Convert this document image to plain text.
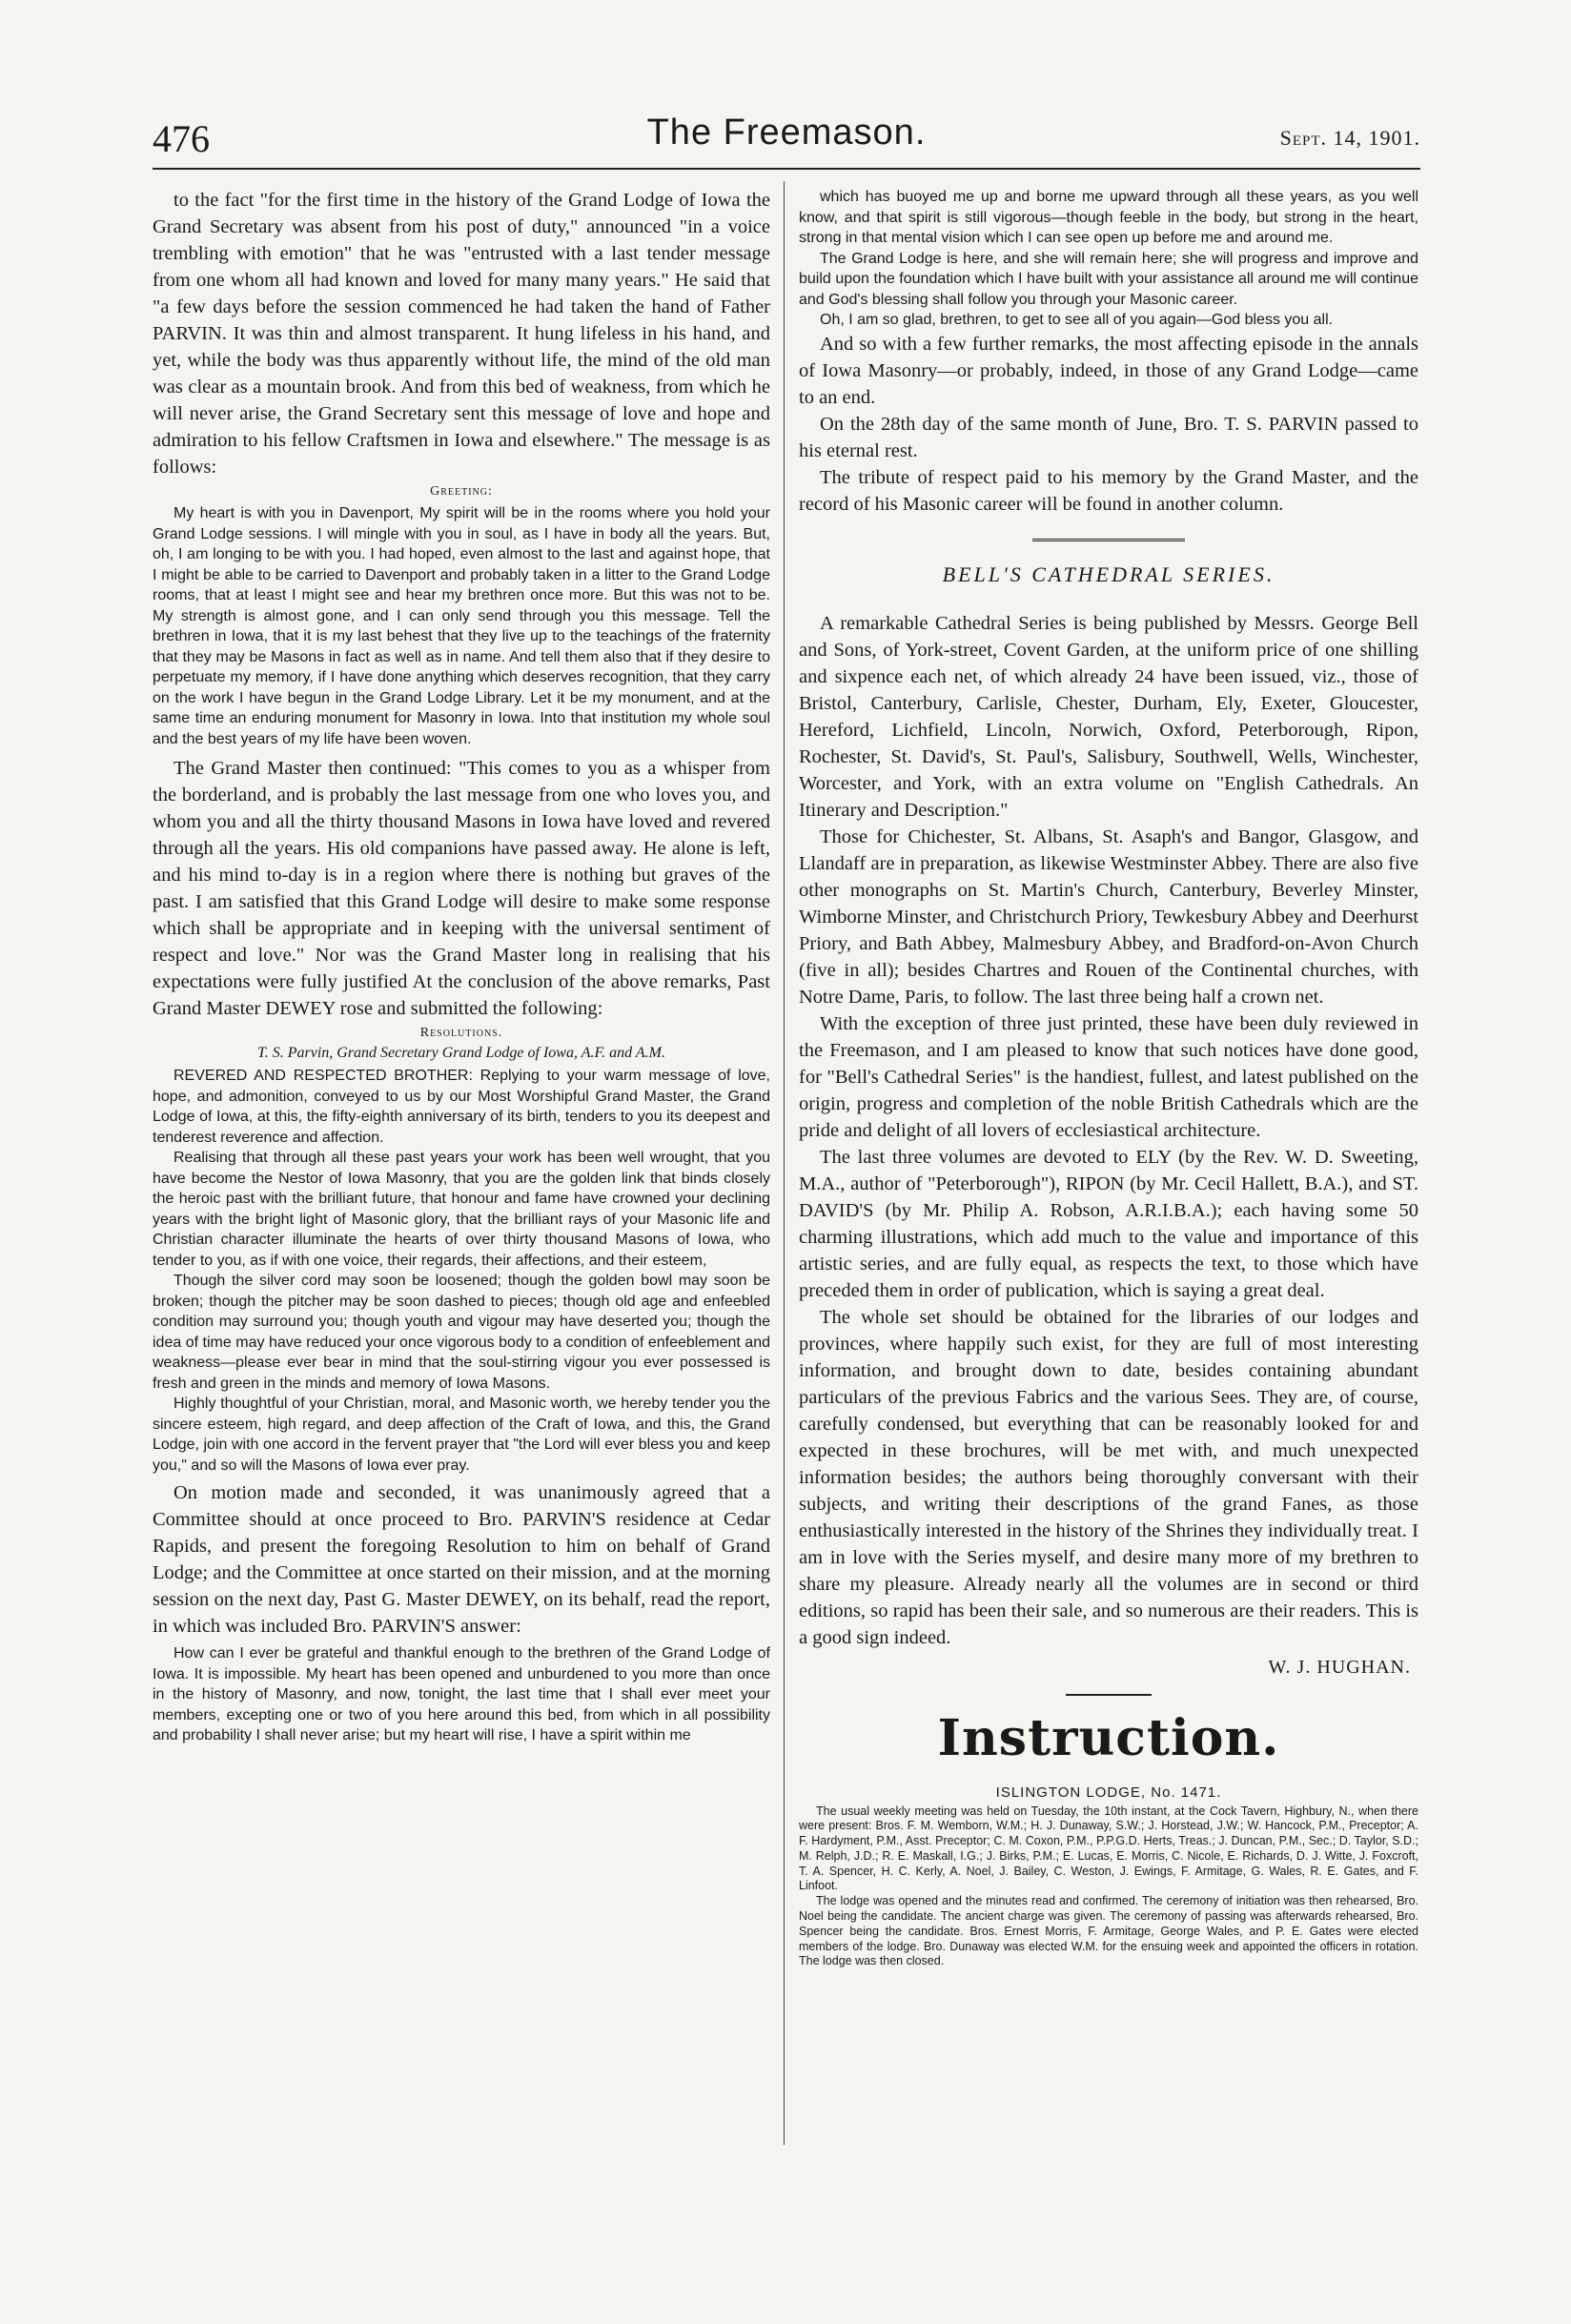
476	The Freemason.	Sept. 14, 1901.

to the fact "for the first time in the history of the Grand Lodge of Iowa the Grand Secretary was absent from his post of duty," announced "in a voice trembling with emotion" that he was "entrusted with a last tender message from one whom all had known and loved for many many years." He said that "a few days before the session commenced he had taken the hand of Father PARVIN. It was thin and almost transparent. It hung lifeless in his hand, and yet, while the body was thus apparently without life, the mind of the old man was clear as a mountain brook. And from this bed of weakness, from which he will never arise, the Grand Secretary sent this message of love and hope and admiration to his fellow Craftsmen in Iowa and elsewhere." The message is as follows:

Greeting:

My heart is with you in Davenport, My spirit will be in the rooms where you hold your Grand Lodge sessions. I will mingle with you in soul, as I have in body all the years. But, oh, I am longing to be with you. I had hoped, even almost to the last and against hope, that I might be able to be carried to Davenport and probably taken in a litter to the Grand Lodge rooms, that at least I might see and hear my brethren once more. But this was not to be. My strength is almost gone, and I can only send through you this message. Tell the brethren in Iowa, that it is my last behest that they live up to the teachings of the fraternity that they may be Masons in fact as well as in name. And tell them also that if they desire to perpetuate my memory, if I have done anything which deserves recognition, that they carry on the work I have begun in the Grand Lodge Library. Let it be my monument, and at the same time an enduring monument for Masonry in Iowa. Into that institution my whole soul and the best years of my life have been woven.

The Grand Master then continued: "This comes to you as a whisper from the borderland, and is probably the last message from one who loves you, and whom you and all the thirty thousand Masons in Iowa have loved and revered through all the years. His old companions have passed away. He alone is left, and his mind to-day is in a region where there is nothing but graves of the past. I am satisfied that this Grand Lodge will desire to make some response which shall be appropriate and in keeping with the universal sentiment of respect and love." Nor was the Grand Master long in realising that his expectations were fully justified At the conclusion of the above remarks, Past Grand Master DEWEY rose and submitted the following:

Resolutions.
T. S. Parvin, Grand Secretary Grand Lodge of Iowa, A.F. and A.M.

REVERED AND RESPECTED BROTHER: Replying to your warm message of love, hope, and admonition, conveyed to us by our Most Worshipful Grand Master, the Grand Lodge of Iowa, at this, the fifty-eighth anniversary of its birth, tenders to you its deepest and tenderest reverence and affection.

Realising that through all these past years your work has been well wrought, that you have become the Nestor of Iowa Masonry, that you are the golden link that binds closely the heroic past with the brilliant future, that honour and fame have crowned your declining years with the bright light of Masonic glory, that the brilliant rays of your Masonic life and Christian character illuminate the hearts of over thirty thousand Masons of Iowa, who tender to you, as if with one voice, their regards, their affections, and their esteem,

Though the silver cord may soon be loosened; though the golden bowl may soon be broken; though the pitcher may be soon dashed to pieces; though old age and enfeebled condition may surround you; though youth and vigour may have deserted you; though the idea of time may have reduced your once vigorous body to a condition of enfeeblement and weakness—please ever bear in mind that the soul-stirring vigour you ever possessed is fresh and green in the minds and memory of Iowa Masons.

Highly thoughtful of your Christian, moral, and Masonic worth, we hereby tender you the sincere esteem, high regard, and deep affection of the Craft of Iowa, and this, the Grand Lodge, join with one accord in the fervent prayer that "the Lord will ever bless you and keep you," and so will the Masons of Iowa ever pray.

On motion made and seconded, it was unanimously agreed that a Committee should at once proceed to Bro. PARVIN'S residence at Cedar Rapids, and present the foregoing Resolution to him on behalf of Grand Lodge; and the Committee at once started on their mission, and at the morning session on the next day, Past G. Master DEWEY, on its behalf, read the report, in which was included Bro. PARVIN'S answer:

How can I ever be grateful and thankful enough to the brethren of the Grand Lodge of Iowa. It is impossible. My heart has been opened and unburdened to you more than once in the history of Masonry, and now, tonight, the last time that I shall ever meet your members, excepting one or two of you here around this bed, from which in all possibility and probability I shall never arise; but my heart will rise, I have a spirit within me

which has buoyed me up and borne me upward through all these years, as you well know, and that spirit is still vigorous—though feeble in the body, but strong in the heart, strong in that mental vision which I can see open up before me and around me.

The Grand Lodge is here, and she will remain here; she will progress and improve and build upon the foundation which I have built with your assistance all around me will continue and God's blessing shall follow you through your Masonic career.

Oh, I am so glad, brethren, to get to see all of you again—God bless you all.

And so with a few further remarks, the most affecting episode in the annals of Iowa Masonry—or probably, indeed, in those of any Grand Lodge—came to an end.

On the 28th day of the same month of June, Bro. T. S. PARVIN passed to his eternal rest.

The tribute of respect paid to his memory by the Grand Master, and the record of his Masonic career will be found in another column.

BELL'S CATHEDRAL SERIES.

A remarkable Cathedral Series is being published by Messrs. George Bell and Sons, of York-street, Covent Garden, at the uniform price of one shilling and sixpence each net, of which already 24 have been issued, viz., those of Bristol, Canterbury, Carlisle, Chester, Durham, Ely, Exeter, Gloucester, Hereford, Lichfield, Lincoln, Norwich, Oxford, Peterborough, Ripon, Rochester, St. David's, St. Paul's, Salisbury, Southwell, Wells, Winchester, Worcester, and York, with an extra volume on "English Cathedrals. An Itinerary and Description."

Those for Chichester, St. Albans, St. Asaph's and Bangor, Glasgow, and Llandaff are in preparation, as likewise Westminster Abbey. There are also five other monographs on St. Martin's Church, Canterbury, Beverley Minster, Wimborne Minster, and Christchurch Priory, Tewkesbury Abbey and Deerhurst Priory, and Bath Abbey, Malmesbury Abbey, and Bradford-on-Avon Church (five in all); besides Chartres and Rouen of the Continental churches, with Notre Dame, Paris, to follow. The last three being half a crown net.

With the exception of three just printed, these have been duly reviewed in the Freemason, and I am pleased to know that such notices have done good, for "Bell's Cathedral Series" is the handiest, fullest, and latest published on the origin, progress and completion of the noble British Cathedrals which are the pride and delight of all lovers of ecclesiastical architecture.

The last three volumes are devoted to ELY (by the Rev. W. D. Sweeting, M.A., author of "Peterborough"), RIPON (by Mr. Cecil Hallett, B.A.), and ST. DAVID'S (by Mr. Philip A. Robson, A.R.I.B.A.); each having some 50 charming illustrations, which add much to the value and importance of this artistic series, and are fully equal, as respects the text, to those which have preceded them in order of publication, which is saying a great deal.

The whole set should be obtained for the libraries of our lodges and provinces, where happily such exist, for they are full of most interesting information, and brought down to date, besides containing abundant particulars of the previous Fabrics and the various Sees. They are, of course, carefully condensed, but everything that can be reasonably looked for and expected in these brochures, will be met with, and much unexpected information besides; the authors being thoroughly conversant with their subjects, and writing their descriptions of the grand Fanes, as those enthusiastically interested in the history of the Shrines they individually treat. I am in love with the Series myself, and desire many more of my brethren to share my pleasure. Already nearly all the volumes are in second or third editions, so rapid has been their sale, and so numerous are their readers. This is a good sign indeed.

W. J. HUGHAN.
Instruction.
ISLINGTON LODGE, No. 1471.

The usual weekly meeting was held on Tuesday, the 10th instant, at the Cock Tavern, Highbury, N., when there were present: Bros. F. M. Wemborn, W.M.; H. J. Dunaway, S.W.; J. Horstead, J.W.; W. Hancock, P.M., Preceptor; A. F. Hardyment, P.M., Asst. Preceptor; C. M. Coxon, P.M., P.P.G.D. Herts, Treas.; J. Duncan, P.M., Sec.; D. Taylor, S.D.; M. Relph, J.D.; R. E. Maskall, I.G.; J. Birks, P.M.; E. Lucas, E. Morris, C. Nicole, E. Richards, D. J. Witte, J. Foxcroft, T. A. Spencer, H. C. Kerly, A. Noel, J. Bailey, C. Weston, J. Ewings, F. Armitage, G. Wales, R. E. Gates, and F. Linfoot.

The lodge was opened and the minutes read and confirmed. The ceremony of initiation was then rehearsed, Bro. Noel being the candidate. The ancient charge was given. The ceremony of passing was afterwards rehearsed, Bro. Spencer being the candidate. Bros. Ernest Morris, F. Armitage, George Wales, and P. E. Gates were elected members of the lodge. Bro. Dunaway was elected W.M. for the ensuing week and appointed the officers in rotation. The lodge was then closed.
